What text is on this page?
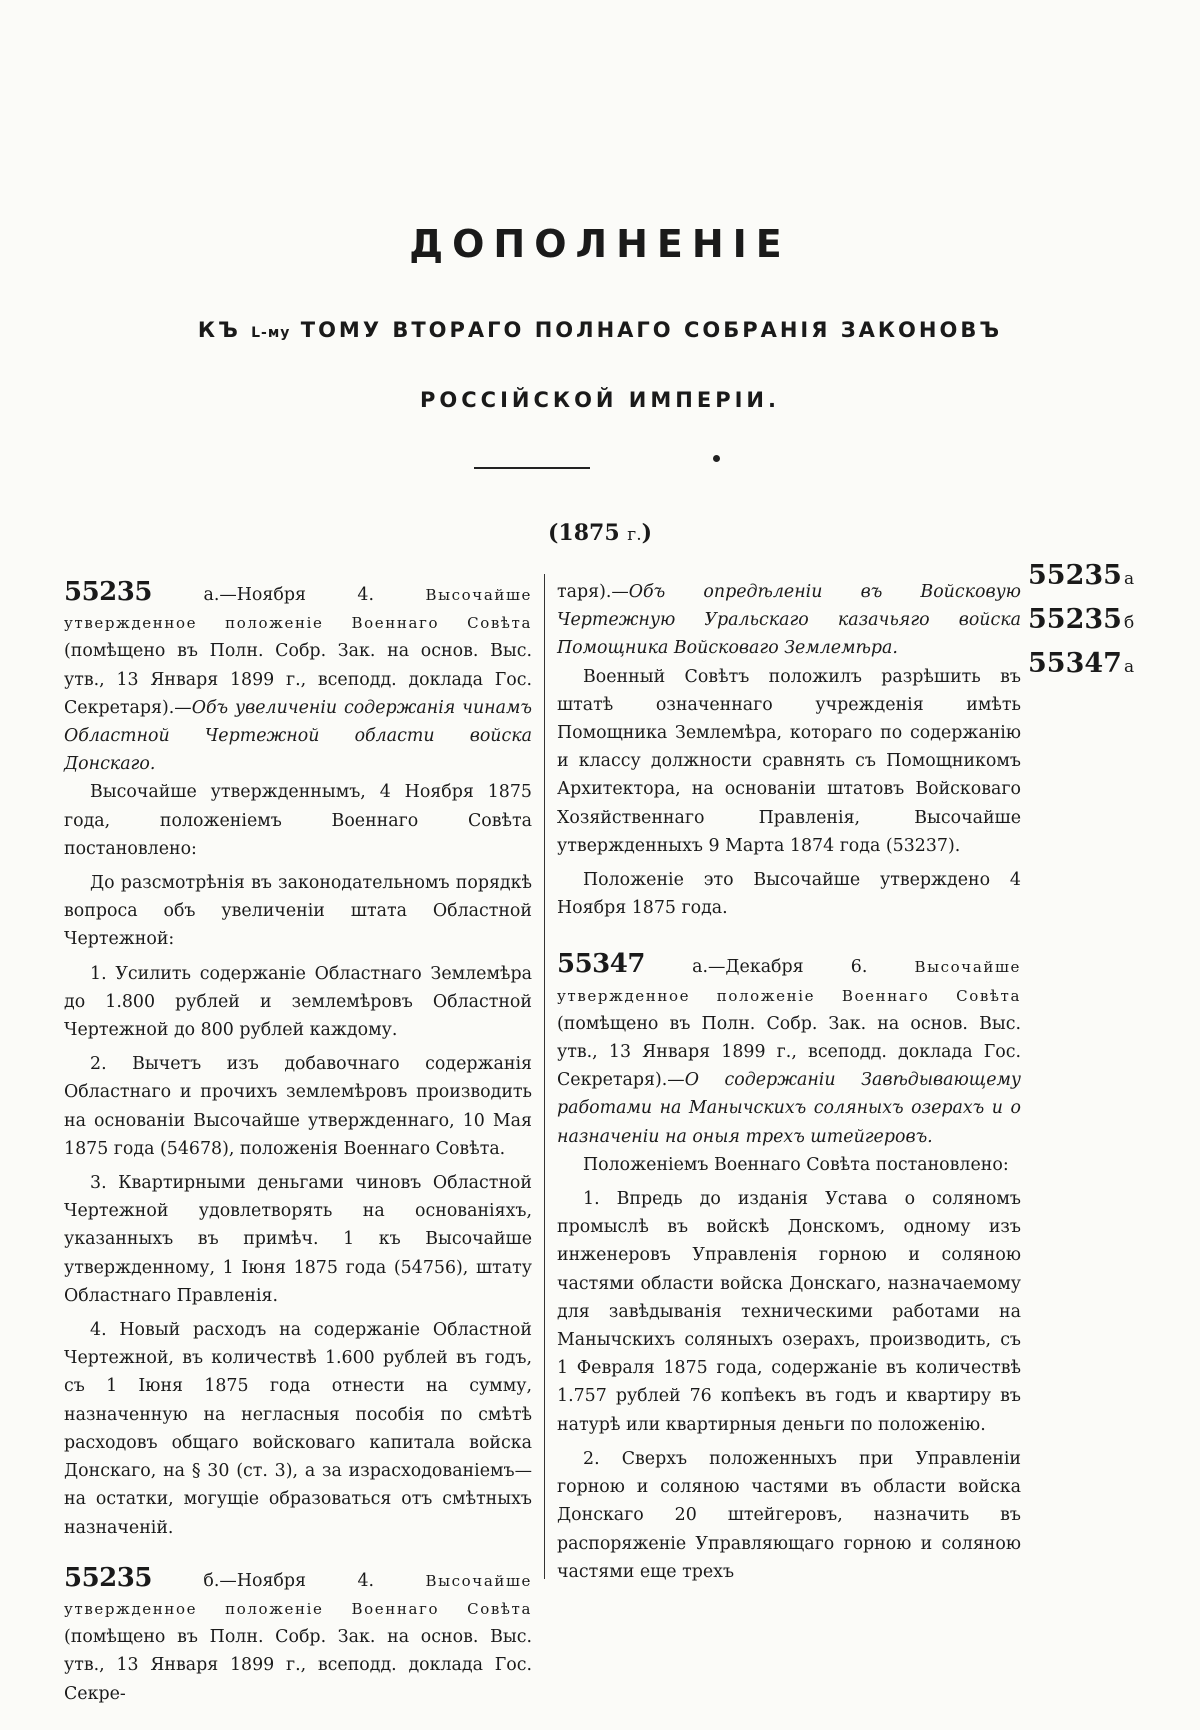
ДОПОЛНЕНІЕ
КЪ L-му ТОМУ ВТОРАГО ПОЛНАГО СОБРАНІЯ ЗАКОНОВЪ
РОССІЙСКОЙ ИМПЕРІИ.
(1875 г.)

55235 а.—Ноября 4. Высочайше утвержденное положеніе Военнаго Совѣта (помѣщено въ Полн. Собр. Зак. на основ. Выс. утв., 13 Января 1899 г., всеподд. доклада Гос. Секретаря).—Объ увеличеніи содержанія чинамъ Областной Чертежной области войска Донскаго.

Высочайше утвержденнымъ, 4 Ноября 1875 года, положеніемъ Военнаго Совѣта постановлено:

До разсмотрѣнія въ законодательномъ порядкѣ вопроса объ увеличеніи штата Областной Чертежной:

1. Усилить содержаніе Областнаго Землемѣра до 1.800 рублей и землемѣровъ Областной Чертежной до 800 рублей каждому.

2. Вычетъ изъ добавочнаго содержанія Областнаго и прочихъ землемѣровъ производить на основаніи Высочайше утвержденнаго, 10 Мая 1875 года (54678), положенія Военнаго Совѣта.

3. Квартирными деньгами чиновъ Областной Чертежной удовлетворять на основаніяхъ, указанныхъ въ примѣч. 1 къ Высочайше утвержденному, 1 Іюня 1875 года (54756), штату Областнаго Правленія.

4. Новый расходъ на содержаніе Областной Чертежной, въ количествѣ 1.600 рублей въ годъ, съ 1 Іюня 1875 года отнести на сумму, назначенную на негласныя пособія по смѣтѣ расходовъ общаго войсковаго капитала войска Донскаго, на § 30 (ст. 3), а за израсходованіемъ—на остатки, могущіе образоваться отъ смѣтныхъ назначеній.

55235 б.—Ноября 4. Высочайше утвержденное положеніе Военнаго Совѣта (помѣщено въ Полн. Собр. Зак. на основ. Выс. утв., 13 Января 1899 г., всеподд. доклада Гос. Секре-

таря).—Объ опредѣленіи въ Войсковую Чертежную Уральскаго казачьяго войска Помощника Войсковаго Землемѣра.

Военный Совѣтъ положилъ разрѣшить въ штатѣ означеннаго учрежденія имѣть Помощника Землемѣра, котораго по содержанію и классу должности сравнять съ Помощникомъ Архитектора, на основаніи штатовъ Войсковаго Хозяйственнаго Правленія, Высочайше утвержденныхъ 9 Марта 1874 года (53237).

Положеніе это Высочайше утверждено 4 Ноября 1875 года.

55347 а.—Декабря 6. Высочайше утвержденное положеніе Военнаго Совѣта (помѣщено въ Полн. Собр. Зак. на основ. Выс. утв., 13 Января 1899 г., всеподд. доклада Гос. Секретаря).—О содержаніи Завѣдывающему работами на Манычскихъ соляныхъ озерахъ и о назначеніи на оныя трехъ штейгеровъ.

Положеніемъ Военнаго Совѣта постановлено:

1. Впредь до изданія Устава о соляномъ промыслѣ въ войскѣ Донскомъ, одному изъ инженеровъ Управленія горною и соляною частями области войска Донскаго, назначаемому для завѣдыванія техническими работами на Манычскихъ соляныхъ озерахъ, производить, съ 1 Февраля 1875 года, содержаніе въ количествѣ 1.757 рублей 76 копѣекъ въ годъ и квартиру въ натурѣ или квартирныя деньги по положенію.

2. Сверхъ положенныхъ при Управленіи горною и соляною частями въ области войска Донскаго 20 штейгеровъ, назначить въ распоряженіе Управляющаго горною и соляною частями еще трехъ

55235 а
55235 б
55347 а
